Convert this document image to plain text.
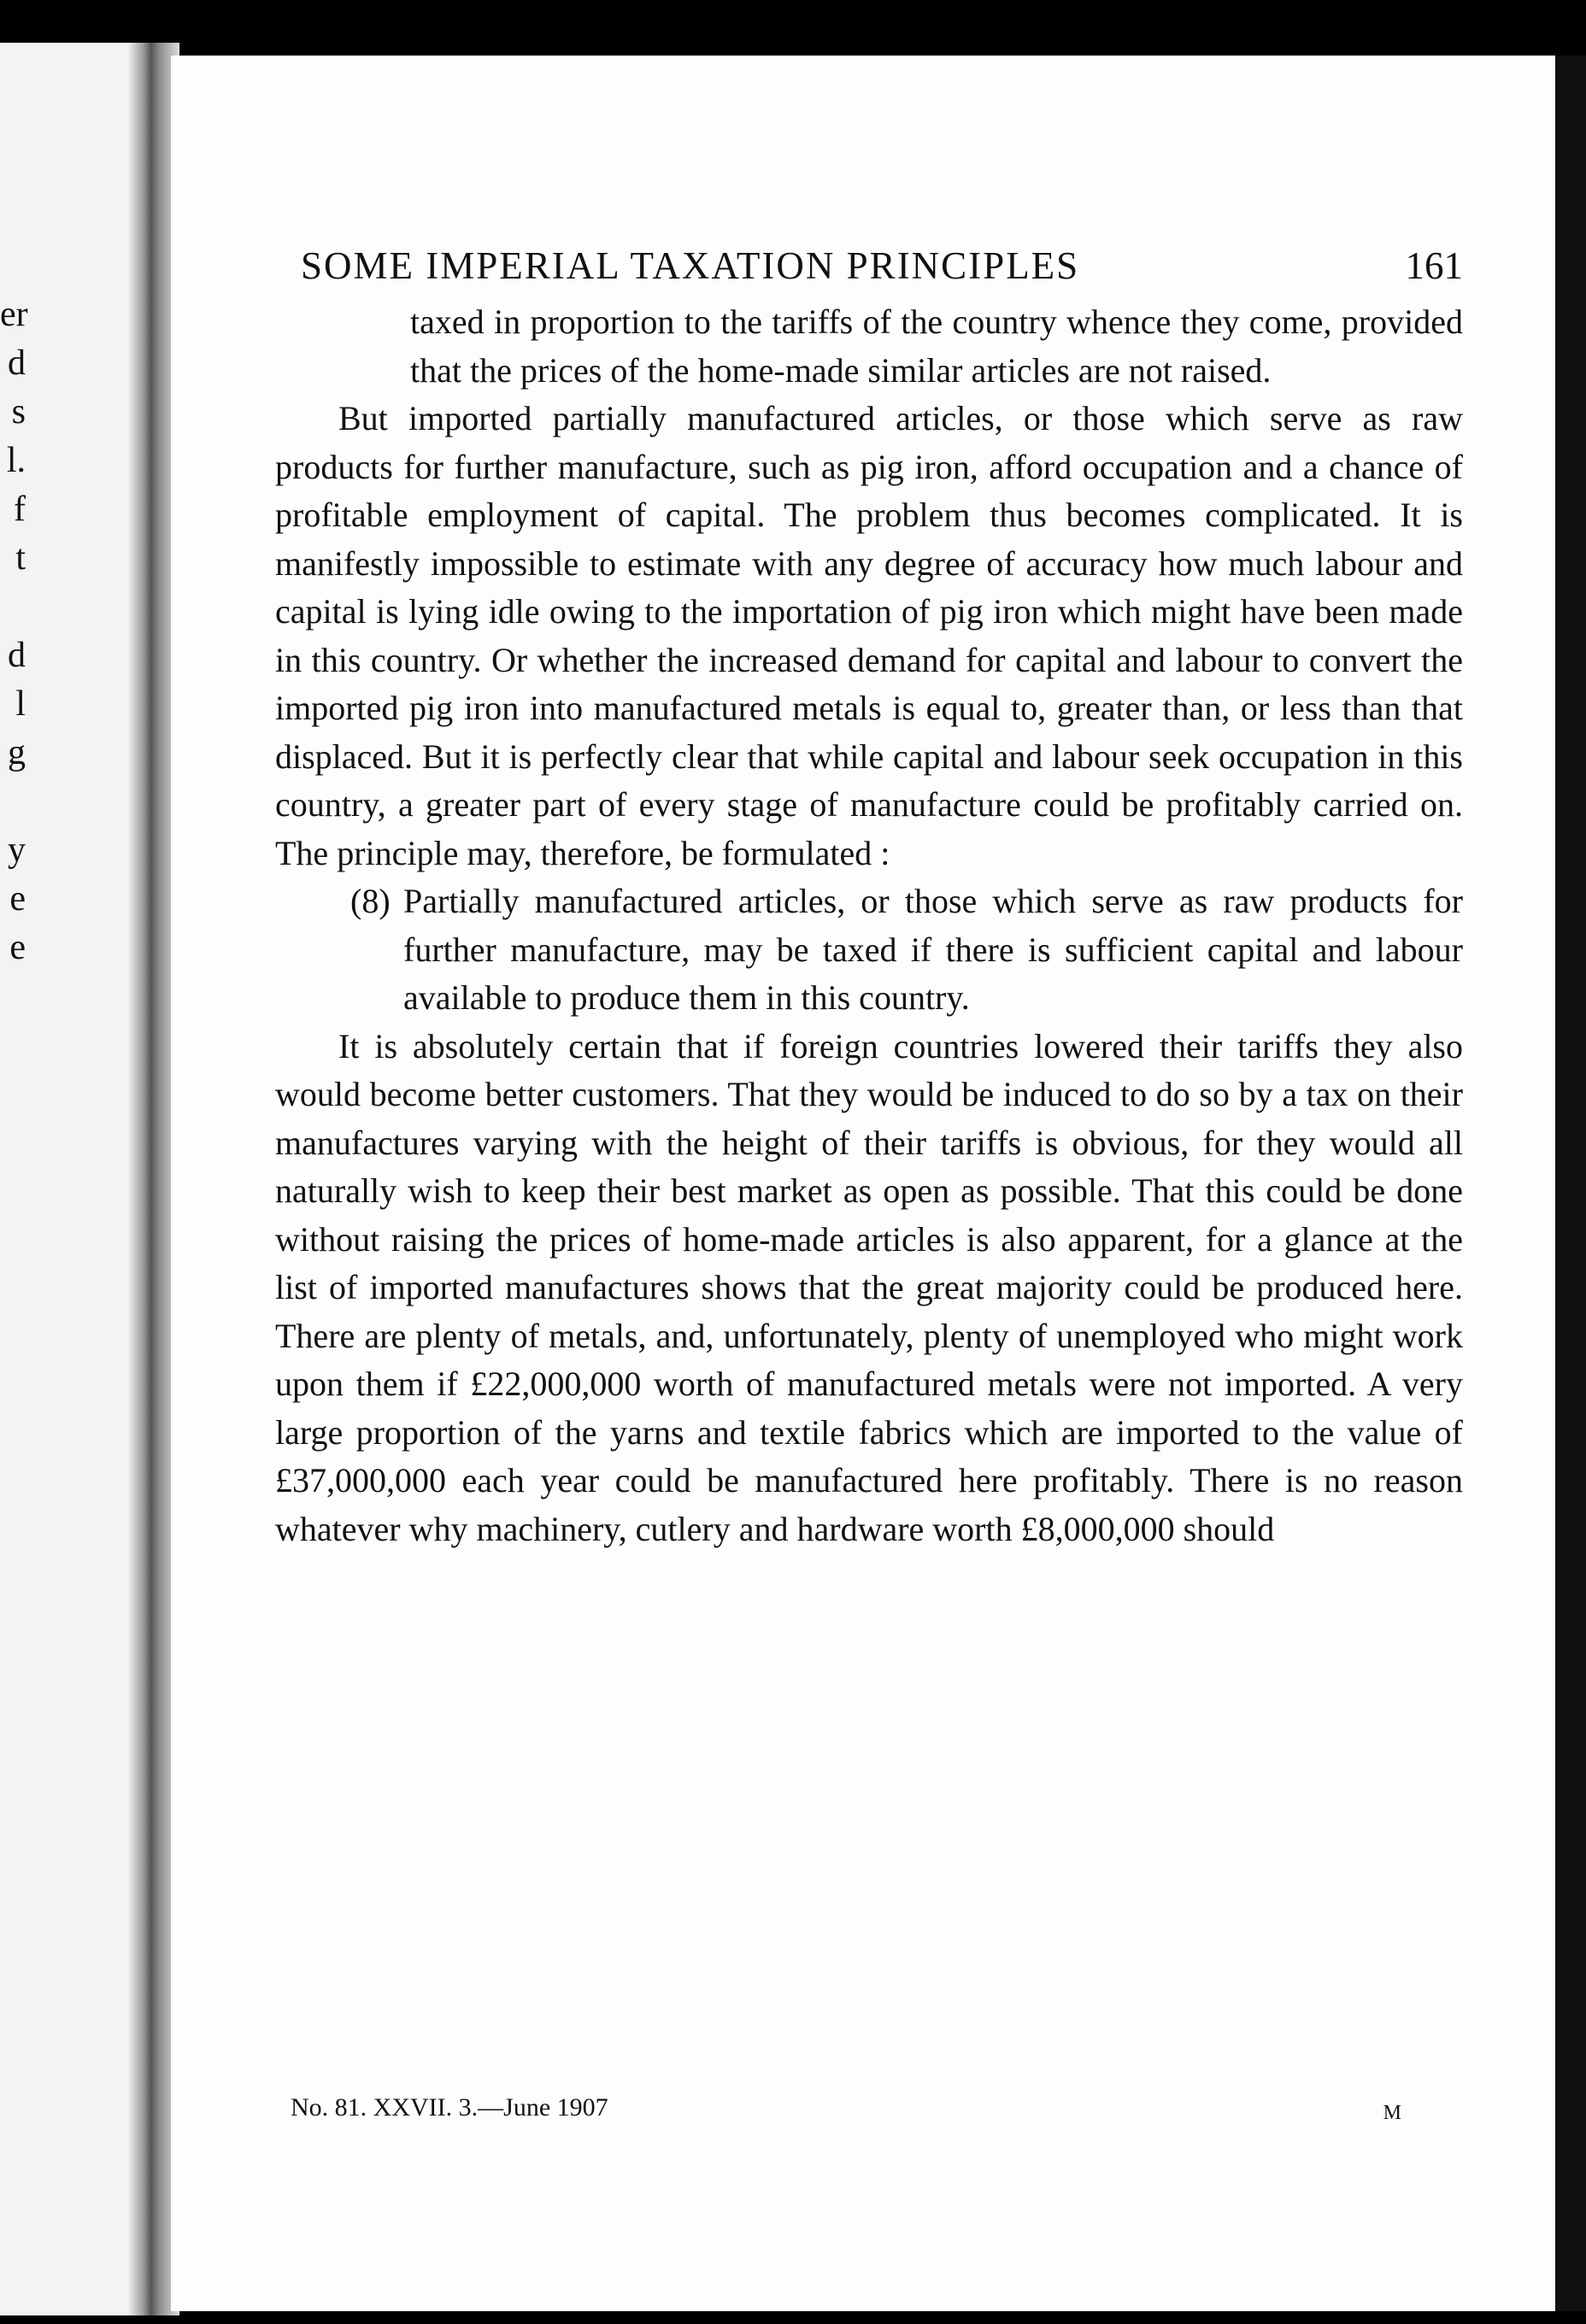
er
d
s
l.
f
t
d
l
g
y
e
e
SOME IMPERIAL TAXATION PRINCIPLES	161

taxed in proportion to the tariffs of the country whence they come, provided that the prices of the home-made similar articles are not raised.

But imported partially manufactured articles, or those which serve as raw products for further manufacture, such as pig iron, afford occupation and a chance of profitable employment of capital. The problem thus becomes complicated. It is manifestly impossible to estimate with any degree of accuracy how much labour and capital is lying idle owing to the importation of pig iron which might have been made in this country. Or whether the increased demand for capital and labour to convert the imported pig iron into manufactured metals is equal to, greater than, or less than that displaced. But it is perfectly clear that while capital and labour seek occupation in this country, a greater part of every stage of manufacture could be profitably carried on. The principle may, therefore, be formulated :

(8) Partially manufactured articles, or those which serve as raw products for further manufacture, may be taxed if there is sufficient capital and labour available to produce them in this country.

It is absolutely certain that if foreign countries lowered their tariffs they also would become better customers. That they would be induced to do so by a tax on their manufactures varying with the height of their tariffs is obvious, for they would all naturally wish to keep their best market as open as possible. That this could be done without raising the prices of home-made articles is also apparent, for a glance at the list of imported manufactures shows that the great majority could be produced here. There are plenty of metals, and, unfortunately, plenty of unemployed who might work upon them if £22,000,000 worth of manufactured metals were not imported. A very large proportion of the yarns and textile fabrics which are imported to the value of £37,000,000 each year could be manufactured here profitably. There is no reason whatever why machinery, cutlery and hardware worth £8,000,000 should

No. 81. XXVII. 3.—June 1907	M
